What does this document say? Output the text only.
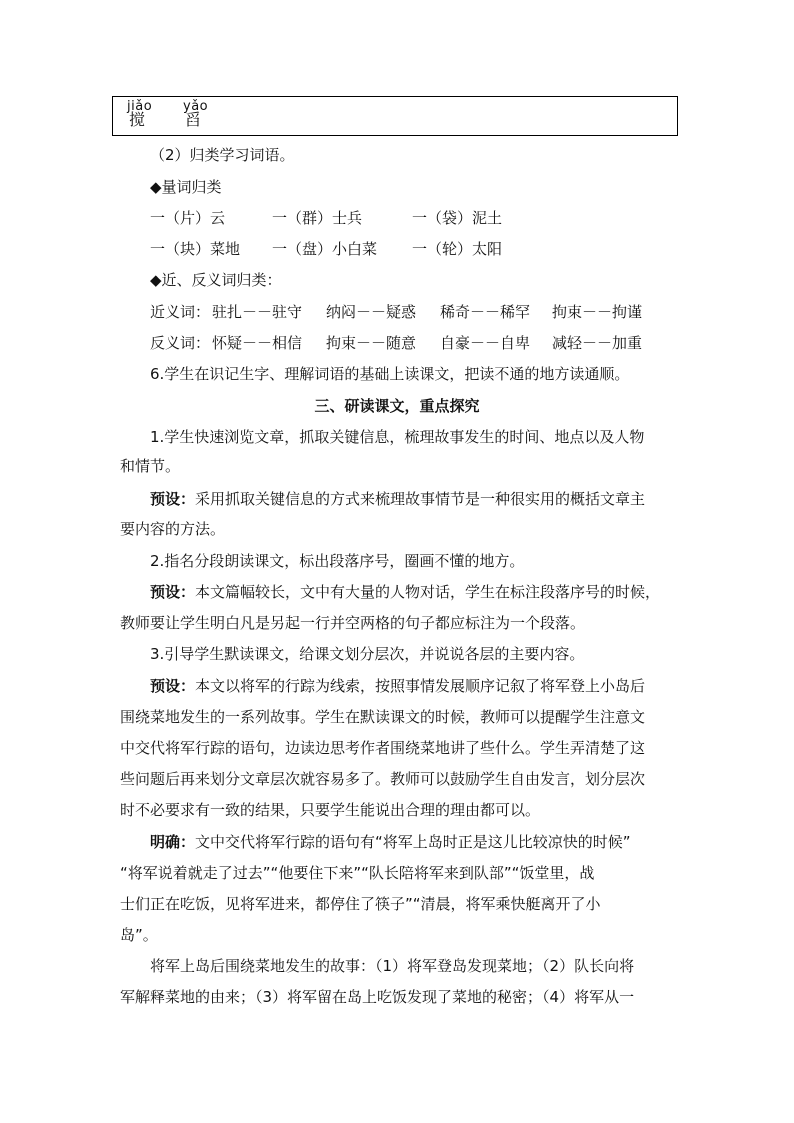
jiǎo
搅
yǎo
舀
（2）归类学习词语。
◆量词归类
一（片）云	一（群）士兵	一（袋）泥土
一（块）菜地 一（盘）小白菜 一（轮）太阳
◆近、反义词归类：
近义词： 驻扎－－驻守 纳闷－－疑惑 稀奇－－稀罕 拘束－－拘谨
反义词： 怀疑－－相信 拘束－－随意 自豪－－自卑 减轻－－加重
6.学生在识记生字、理解词语的基础上读课文，把读不通的地方读通顺。
三、研读课文，重点探究
1.学生快速浏览文章，抓取关键信息，梳理故事发生的时间、地点以及人物
和情节。
预设：采用抓取关键信息的方式来梳理故事情节是一种很实用的概括文章主
要内容的方法。
2.指名分段朗读课文，标出段落序号，圈画不懂的地方。
预设：本文篇幅较长，文中有大量的人物对话，学生在标注段落序号的时候，
教师要让学生明白凡是另起一行并空两格的句子都应标注为一个段落。
3.引导学生默读课文，给课文划分层次，并说说各层的主要内容。
预设：本文以将军的行踪为线索，按照事情发展顺序记叙了将军登上小岛后
围绕菜地发生的一系列故事。学生在默读课文的时候，教师可以提醒学生注意文
中交代将军行踪的语句，边读边思考作者围绕菜地讲了些什么。学生弄清楚了这
些问题后再来划分文章层次就容易多了。教师可以鼓励学生自由发言，划分层次
时不必要求有一致的结果，只要学生能说出合理的理由都可以。
明确：文中交代将军行踪的语句有“将军上岛时正是这儿比较凉快的时候”
“将军说着就走了过去”“他要住下来”“队长陪将军来到队部”“饭堂里，战
士们正在吃饭，见将军进来，都停住了筷子”“清晨，将军乘快艇离开了小
岛”。
将军上岛后围绕菜地发生的故事：（1）将军登岛发现菜地；（2）队长向将
军解释菜地的由来；（3）将军留在岛上吃饭发现了菜地的秘密；（4）将军从一
